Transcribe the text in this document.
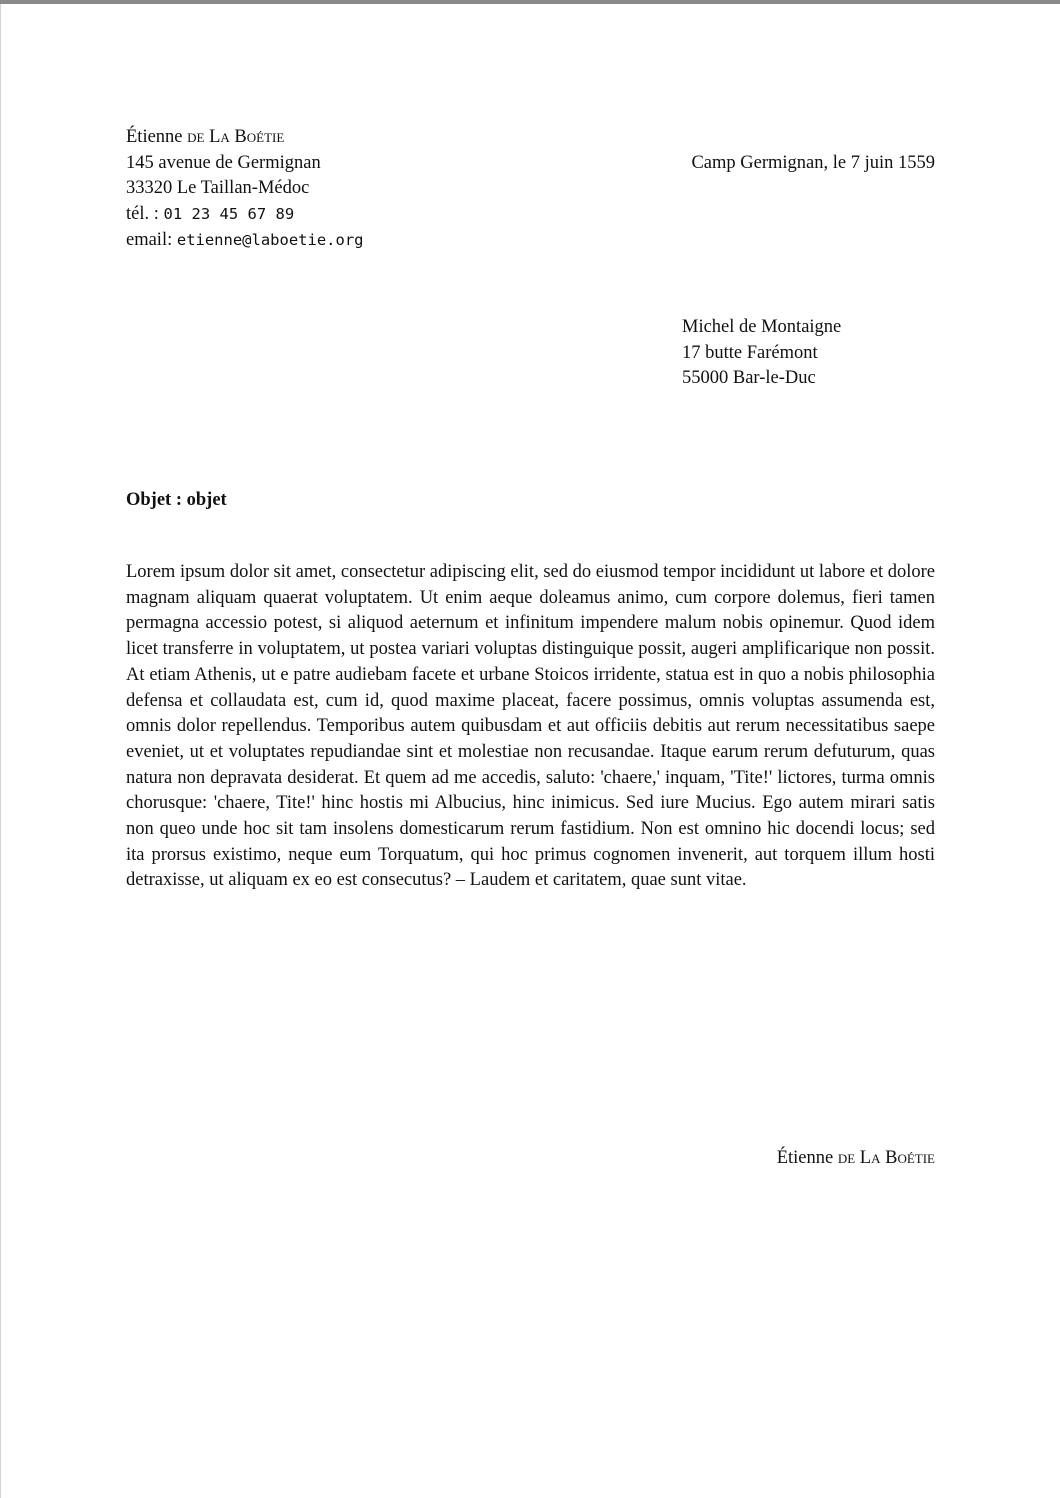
Étienne de La Boétie
145 avenue de Germignan
33320 Le Taillan-Médoc
tél. : 01 23 45 67 89
email: etienne@laboetie.org
Camp Germignan, le 7 juin 1559
Michel de Montaigne
17 butte Farémont
55000 Bar-le-Duc
Objet : objet

Lorem ipsum dolor sit amet, consectetur adipiscing elit, sed do eiusmod tempor incididunt ut labore et dolore magnam aliquam quaerat voluptatem. Ut enim aeque doleamus animo, cum corpore dolemus, fieri tamen permagna accessio potest, si aliquod aeternum et infinitum impendere malum nobis opinemur. Quod idem licet transferre in voluptatem, ut postea variari voluptas distinguique possit, augeri amplificarique non possit. At etiam Athenis, ut e patre audiebam facete et urbane Stoicos irridente, statua est in quo a nobis philosophia defensa et collaudata est, cum id, quod maxime placeat, facere possimus, omnis voluptas assumenda est, omnis dolor repellendus. Temporibus autem quibusdam et aut officiis debitis aut rerum necessitatibus saepe eveniet, ut et voluptates repudiandae sint et molestiae non recusandae. Itaque earum rerum defuturum, quas natura non depravata desiderat. Et quem ad me accedis, saluto: 'chaere,' inquam, 'Tite!' lictores, turma omnis chorusque: 'chaere, Tite!' hinc hostis mi Albucius, hinc inimicus. Sed iure Mucius. Ego autem mirari satis non queo unde hoc sit tam insolens domesticarum rerum fastidium. Non est omnino hic docendi locus; sed ita prorsus existimo, neque eum Torquatum, qui hoc primus cognomen invenerit, aut torquem illum hosti detraxisse, ut aliquam ex eo est consecutus? – Laudem et caritatem, quae sunt vitae.

Étienne de La Boétie
